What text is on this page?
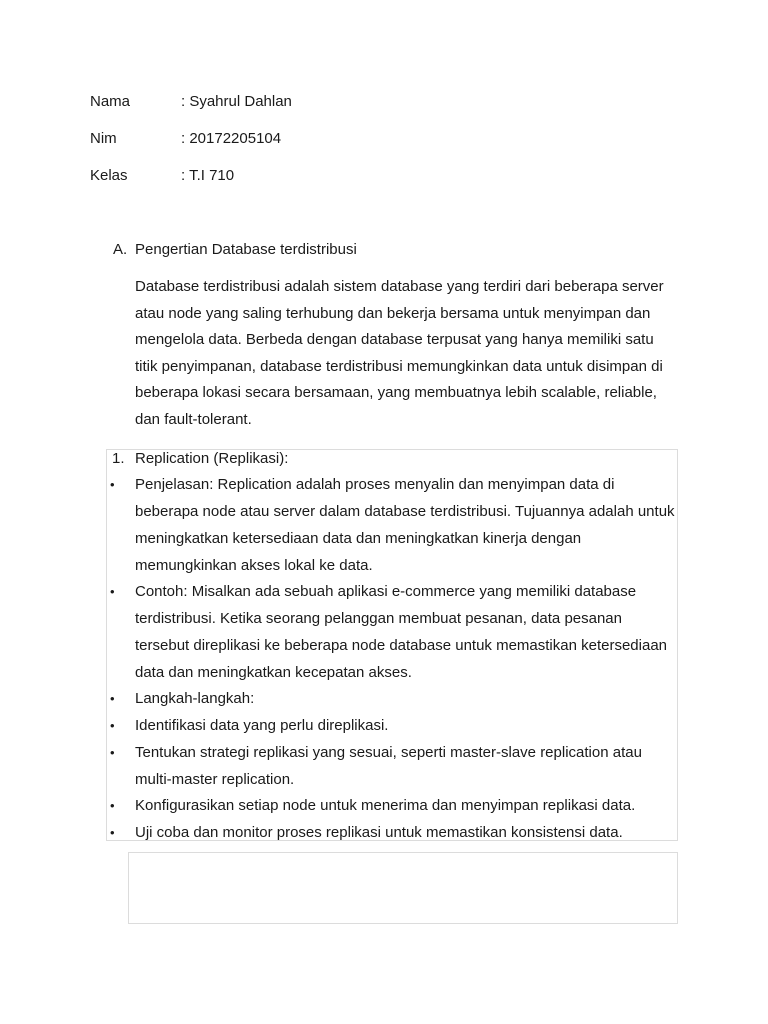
Nama	: Syahrul Dahlan
Nim	: 20172205104
Kelas	: T.I 710
A. Pengertian Database terdistribusi
Database terdistribusi adalah sistem database yang terdiri dari beberapa server
atau node yang saling terhubung dan bekerja bersama untuk menyimpan dan
mengelola data. Berbeda dengan database terpusat yang hanya memiliki satu
titik penyimpanan, database terdistribusi memungkinkan data untuk disimpan di
beberapa lokasi secara bersamaan, yang membuatnya lebih scalable, reliable,
dan fault-tolerant.
1. Replication (Replikasi):
• Penjelasan: Replication adalah proses menyalin dan menyimpan data di
beberapa node atau server dalam database terdistribusi. Tujuannya adalah untuk
meningkatkan ketersediaan data dan meningkatkan kinerja dengan
memungkinkan akses lokal ke data.
• Contoh: Misalkan ada sebuah aplikasi e-commerce yang memiliki database
terdistribusi. Ketika seorang pelanggan membuat pesanan, data pesanan
tersebut direplikasi ke beberapa node database untuk memastikan ketersediaan
data dan meningkatkan kecepatan akses.
• Langkah-langkah:
• Identifikasi data yang perlu direplikasi.
• Tentukan strategi replikasi yang sesuai, seperti master-slave replication atau
multi-master replication.
• Konfigurasikan setiap node untuk menerima dan menyimpan replikasi data.
• Uji coba dan monitor proses replikasi untuk memastikan konsistensi data.
